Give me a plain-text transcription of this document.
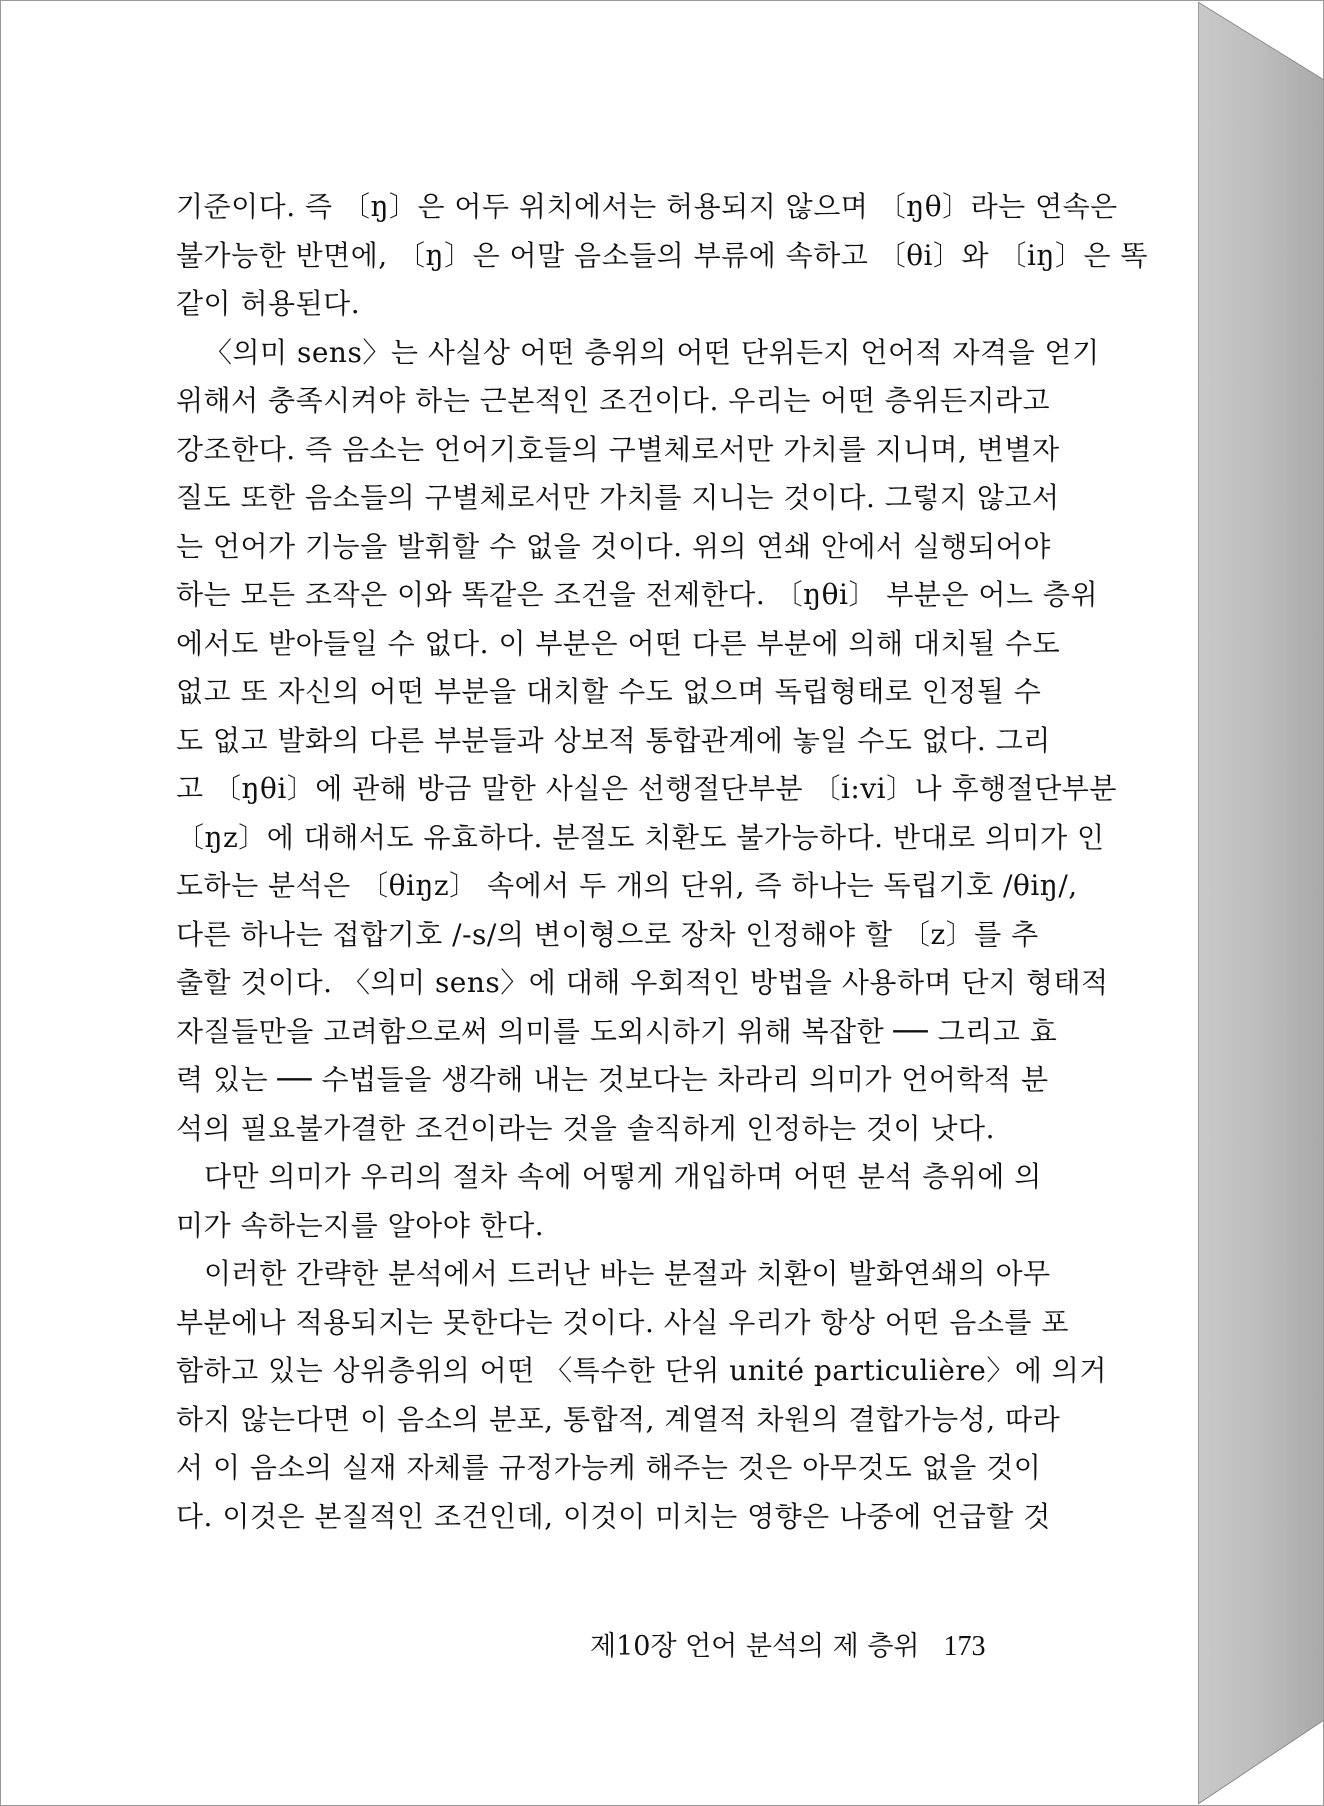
기준이다. 즉 〔ŋ〕은 어두 위치에서는 허용되지 않으며 〔ŋθ〕라는 연속은
불가능한 반면에, 〔ŋ〕은 어말 음소들의 부류에 속하고 〔θi〕와 〔iŋ〕은 똑
같이 허용된다.

〈의미 sens〉는 사실상 어떤 층위의 어떤 단위든지 언어적 자격을 얻기
위해서 충족시켜야 하는 근본적인 조건이다. 우리는 어떤 층위든지라고
강조한다. 즉 음소는 언어기호들의 구별체로서만 가치를 지니며, 변별자
질도 또한 음소들의 구별체로서만 가치를 지니는 것이다. 그렇지 않고서
는 언어가 기능을 발휘할 수 없을 것이다. 위의 연쇄 안에서 실행되어야
하는 모든 조작은 이와 똑같은 조건을 전제한다. 〔ŋθi〕 부분은 어느 층위
에서도 받아들일 수 없다. 이 부분은 어떤 다른 부분에 의해 대치될 수도
없고 또 자신의 어떤 부분을 대치할 수도 없으며 독립형태로 인정될 수
도 없고 발화의 다른 부분들과 상보적 통합관계에 놓일 수도 없다. 그리
고 〔ŋθi〕에 관해 방금 말한 사실은 선행절단부분 〔i:vi〕나 후행절단부분
〔ŋz〕에 대해서도 유효하다. 분절도 치환도 불가능하다. 반대로 의미가 인
도하는 분석은 〔θiŋz〕 속에서 두 개의 단위, 즉 하나는 독립기호 /θiŋ/,
다른 하나는 접합기호 /-s/의 변이형으로 장차 인정해야 할 〔z〕를 추
출할 것이다. 〈의미 sens〉에 대해 우회적인 방법을 사용하며 단지 형태적
자질들만을 고려함으로써 의미를 도외시하기 위해 복잡한 ── 그리고 효
력 있는 ── 수법들을 생각해 내는 것보다는 차라리 의미가 언어학적 분
석의 필요불가결한 조건이라는 것을 솔직하게 인정하는 것이 낫다.

다만 의미가 우리의 절차 속에 어떻게 개입하며 어떤 분석 층위에 의
미가 속하는지를 알아야 한다.

이러한 간략한 분석에서 드러난 바는 분절과 치환이 발화연쇄의 아무
부분에나 적용되지는 못한다는 것이다. 사실 우리가 항상 어떤 음소를 포
함하고 있는 상위층위의 어떤 〈특수한 단위 unité particulière〉에 의거
하지 않는다면 이 음소의 분포, 통합적, 계열적 차원의 결합가능성, 따라
서 이 음소의 실재 자체를 규정가능케 해주는 것은 아무것도 없을 것이
다. 이것은 본질적인 조건인데, 이것이 미치는 영향은 나중에 언급할 것

제10장 언어 분석의 제 층위 173
